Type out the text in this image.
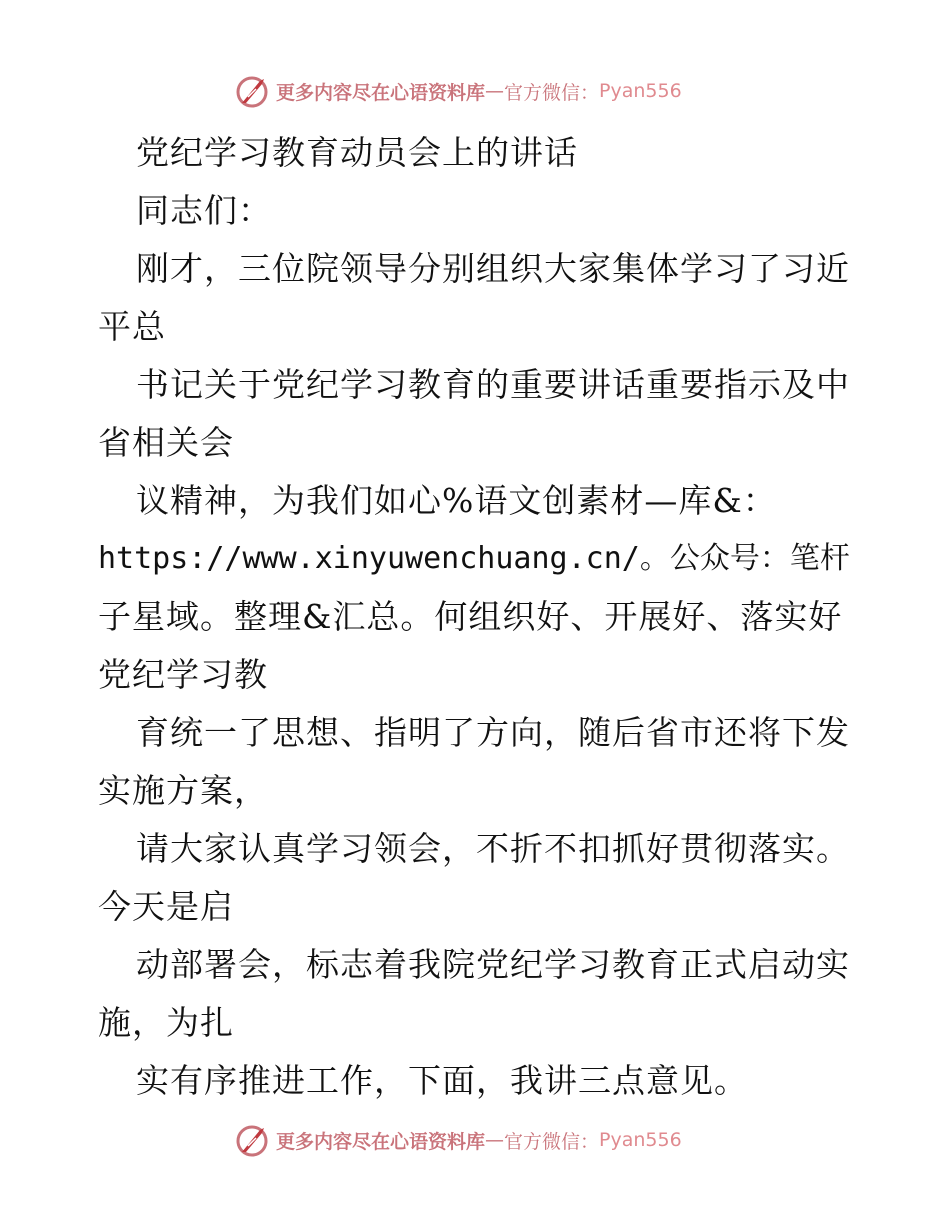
更多内容尽在心语资料库 — 官方微信： Pyan556
党纪学习教育动员会上的讲话
同志们：
刚才，三位院领导分别组织大家集体学习了习近
平总
书记关于党纪学习教育的重要讲话重要指示及中
省相关会
议精神，为我们如心%语文创素材—库&：
https://www.xinyuwenchuang.cn/。公众号：笔杆
子星域。整理&汇总。何组织好、开展好、落实好
党纪学习教
育统一了思想、指明了方向，随后省市还将下发
实施方案，
请大家认真学习领会，不折不扣抓好贯彻落实。
今天是启
动部署会，标志着我院党纪学习教育正式启动实
施，为扎
实有序推进工作，下面，我讲三点意见。
更多内容尽在心语资料库 — 官方微信： Pyan556
